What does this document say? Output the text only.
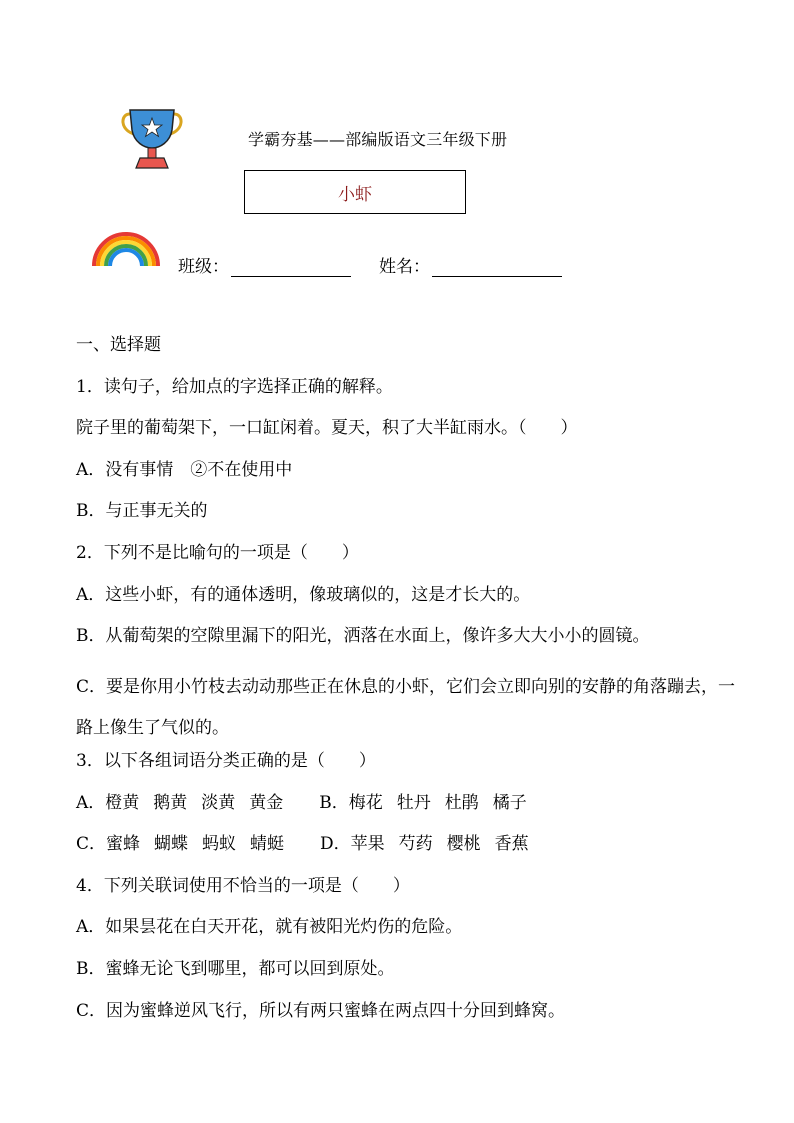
学霸夯基——部编版语文三年级下册
小虾
班级：	姓名：
一、选择题
1．读句子，给加点的字选择正确的解释。
院子里的葡萄架下，一口缸闲着。夏天，积了大半缸雨水。（　　）
A．没有事情　②不在使用中
B．与正事无关的
2．下列不是比喻句的一项是（　　）
A．这些小虾，有的通体透明，像玻璃似的，这是才长大的。
B．从葡萄架的空隙里漏下的阳光，洒落在水面上，像许多大大小小的圆镜。
C．要是你用小竹枝去动动那些正在休息的小虾，它们会立即向别的安静的角落蹦去，一路上像生了气似的。
3．以下各组词语分类正确的是（　　）
A． 橙黄 鹅黄 淡黄 黄金 B． 梅花 牡丹 杜鹃 橘子
C． 蜜蜂 蝴蝶 蚂蚁 蜻蜓 D． 苹果 芍药 樱桃 香蕉
4．下列关联词使用不恰当的一项是（　　）
A．如果昙花在白天开花，就有被阳光灼伤的危险。
B．蜜蜂无论飞到哪里，都可以回到原处。
C．因为蜜蜂逆风飞行，所以有两只蜜蜂在两点四十分回到蜂窝。
